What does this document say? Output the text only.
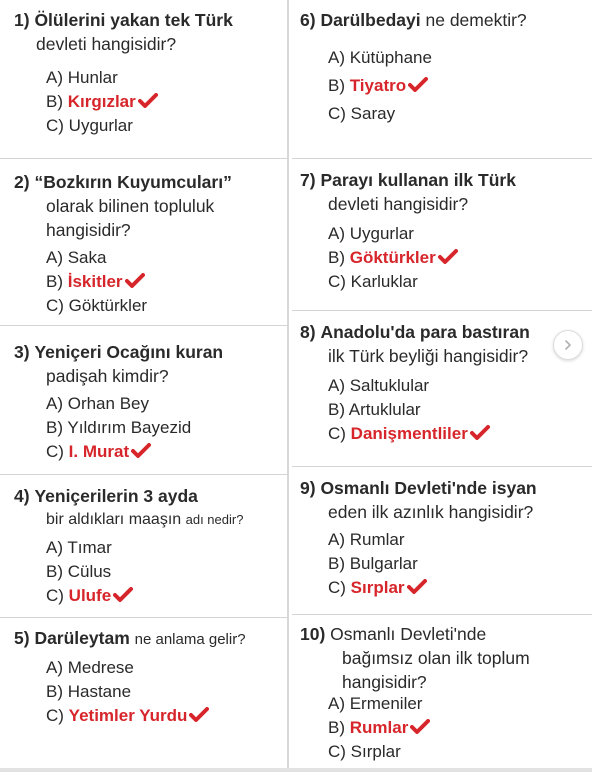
1) Ölülerini yakan tek Türk

devleti hangisidir?

A) Hunlar

B) Kırgızlar

C) Uygurlar

2) “Bozkırın Kuyumcuları”

olarak bilinen topluluk

hangisidir?

A) Saka

B) İskitler

C) Göktürkler

3) Yeniçeri Ocağını kuran

padişah kimdir?

A) Orhan Bey

B) Yıldırım Bayezid

C) I. Murat

4) Yeniçerilerin 3 ayda

bir aldıkları maaşın adı nedir?

A) Tımar

B) Cülus

C) Ulufe

5) Darüleytam ne anlama gelir?

A) Medrese

B) Hastane

C) Yetimler Yurdu

6) Darülbedayi ne demektir?

A) Kütüphane

B) Tiyatro

C) Saray

7) Parayı kullanan ilk Türk

devleti hangisidir?

A) Uygurlar

B) Göktürkler

C) Karluklar

8) Anadolu'da para bastıran

ilk Türk beyliği hangisidir?

A) Saltuklular

B) Artuklular

C) Danişmentliler

9) Osmanlı Devleti'nde isyan

eden ilk azınlık hangisidir?

A) Rumlar

B) Bulgarlar

C) Sırplar

10) Osmanlı Devleti'nde

bağımsız olan ilk toplum

hangisidir?

A) Ermeniler

B) Rumlar

C) Sırplar
